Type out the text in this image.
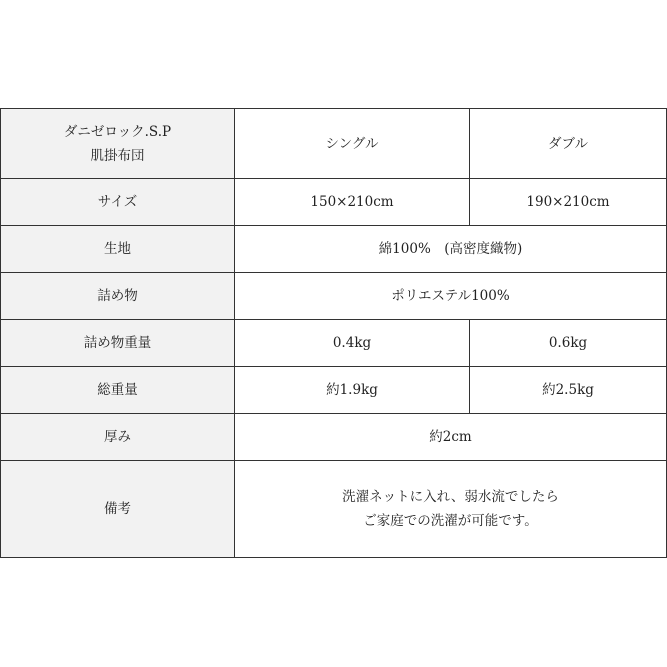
ダニゼロック.S.P
肌掛布団	シングル	ダブル
サイズ	150×210cm	190×210cm
生地	綿100%　(高密度織物)	
詰め物	ポリエステル100%	
詰め物重量	0.4kg	0.6kg
総重量	約1.9kg	約2.5kg
厚み	約2cm	
備考	洗濯ネットに入れ、弱水流でしたら
ご家庭での洗濯が可能です。	
